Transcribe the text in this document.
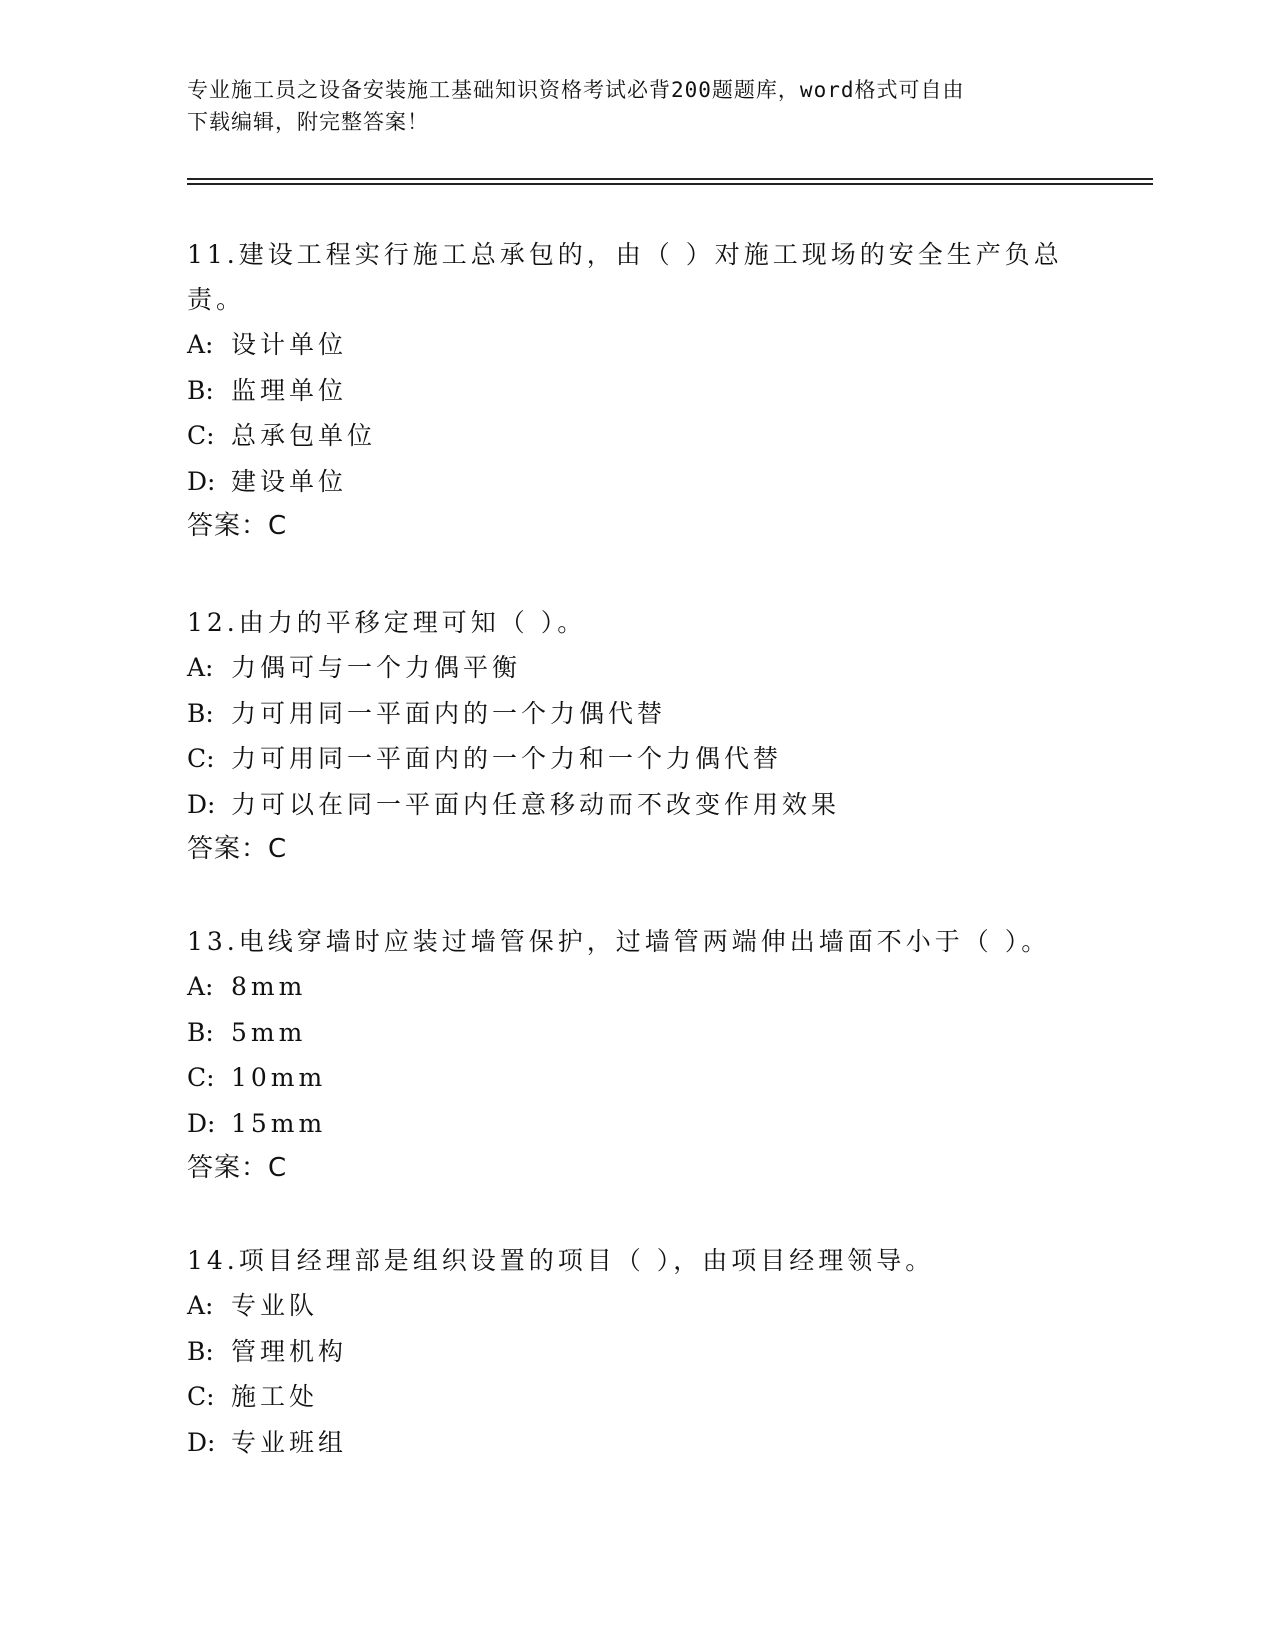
专业施工员之设备安装施工基础知识资格考试必背200题题库，word格式可自由
下载编辑，附完整答案！

11.建设工程实行施工总承包的，由（ ）对施工现场的安全生产负总

责。

A: 设计单位

B: 监理单位

C: 总承包单位

D: 建设单位

答案：C

12.由力的平移定理可知（ ）。

A: 力偶可与一个力偶平衡

B: 力可用同一平面内的一个力偶代替

C: 力可用同一平面内的一个力和一个力偶代替

D: 力可以在同一平面内任意移动而不改变作用效果

答案：C

13.电线穿墙时应装过墙管保护，过墙管两端伸出墙面不小于（ ）。

A: 8mm

B: 5mm

C: 10mm

D: 15mm

答案：C

14.项目经理部是组织设置的项目（ ），由项目经理领导。

A: 专业队

B: 管理机构

C: 施工处

D: 专业班组
